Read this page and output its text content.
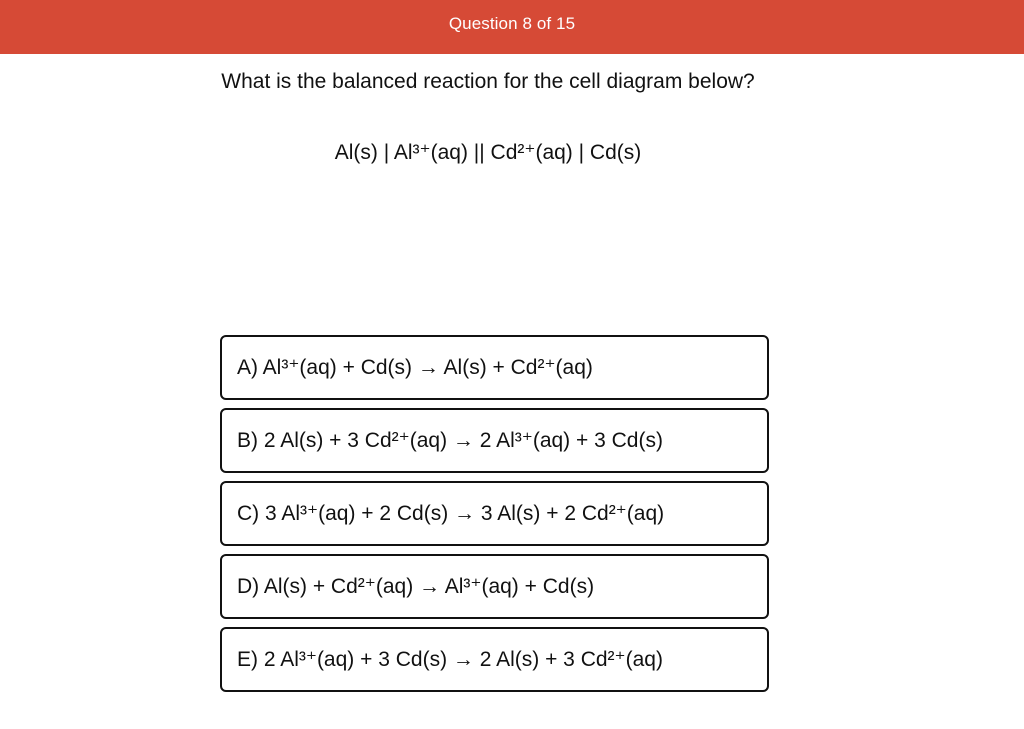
Question 8 of 15
What is the balanced reaction for the cell diagram below?
Al(s) | Al³⁺(aq) || Cd²⁺(aq) | Cd(s)
A) Al³⁺(aq) + Cd(s) → Al(s) + Cd²⁺(aq)
B) 2 Al(s) + 3 Cd²⁺(aq) → 2 Al³⁺(aq) + 3 Cd(s)
C) 3 Al³⁺(aq) + 2 Cd(s) → 3 Al(s) + 2 Cd²⁺(aq)
D) Al(s) + Cd²⁺(aq) → Al³⁺(aq) + Cd(s)
E) 2 Al³⁺(aq) + 3 Cd(s) → 2 Al(s) + 3 Cd²⁺(aq)
